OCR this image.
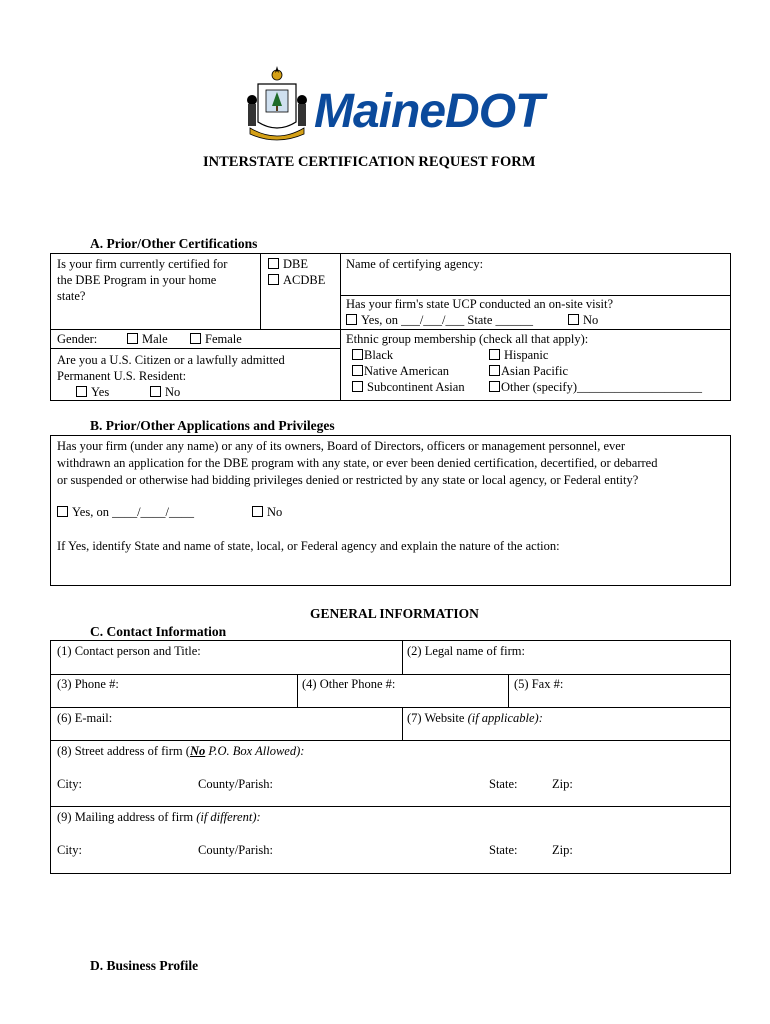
MaineDOT
INTERSTATE CERTIFICATION REQUEST FORM
A. Prior/Other Certifications
Is your firm currently certified for
the DBE Program in your home
state?
DBE
ACDBE
Name of certifying agency:
Has your firm's state UCP conducted an on-site visit?
Yes, on ___/___/___ State ______	No
Gender:	Male	Female
Are you a U.S. Citizen or a lawfully admitted
Permanent U.S. Resident:
Yes	No
Ethnic group membership (check all that apply):
Black	Hispanic
Native American	Asian Pacific
Subcontinent Asian	Other (specify)____________________
B. Prior/Other Applications and Privileges
Has your firm (under any name) or any of its owners, Board of Directors, officers or management personnel, ever
withdrawn an application for the DBE program with any state, or ever been denied certification, decertified, or debarred
or suspended or otherwise had bidding privileges denied or restricted by any state or local agency, or Federal entity?
Yes, on ____/____/____	No
If Yes, identify State and name of state, local, or Federal agency and explain the nature of the action:
GENERAL INFORMATION
C. Contact Information
(1) Contact person and Title:	(2) Legal name of firm:
(3) Phone #:	(4) Other Phone #:	(5) Fax #:
(6) E-mail:	(7) Website (if applicable):
(8) Street address of firm (No P.O. Box Allowed):
City:	County/Parish:	State:	Zip:
(9) Mailing address of firm (if different):
City:	County/Parish:	State:	Zip:
D. Business Profile
